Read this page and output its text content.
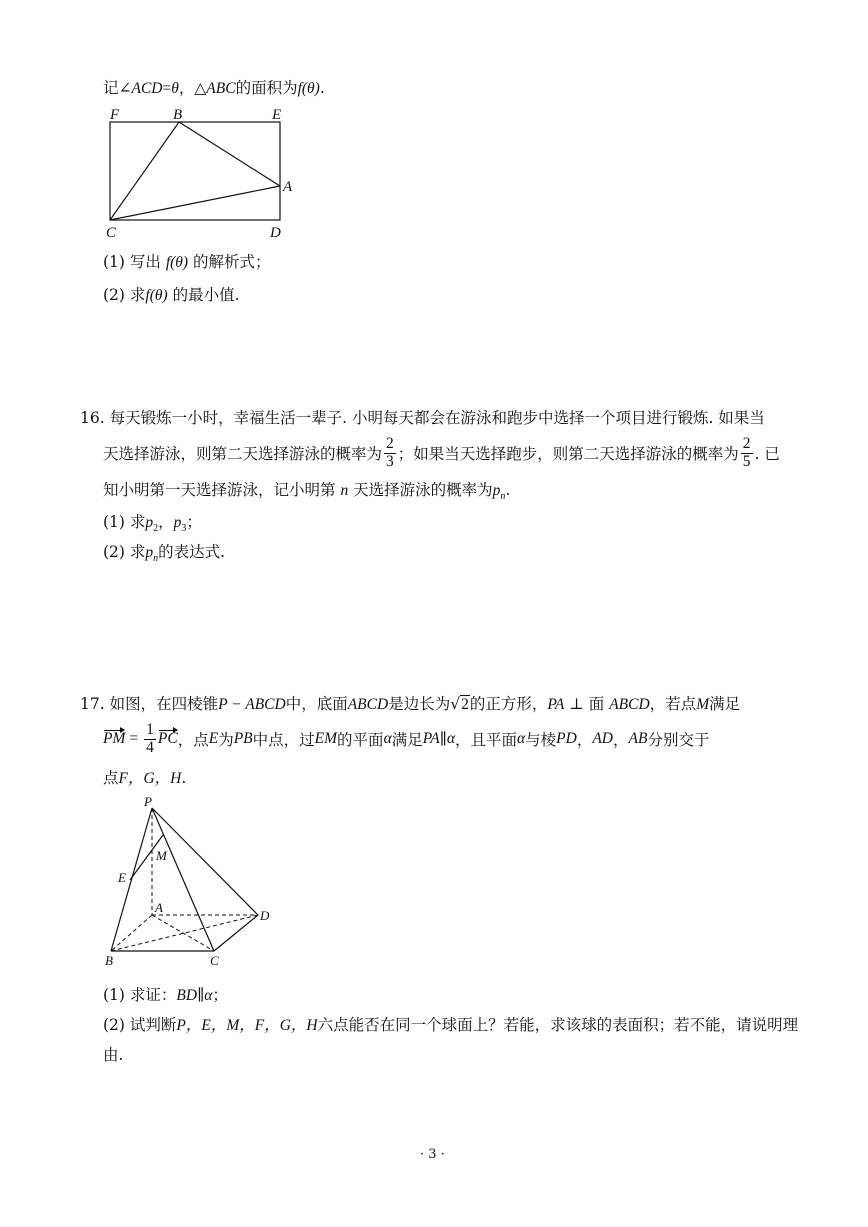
记∠ACD=θ，△ABC的面积为f(θ).
F	B	E
A
C	D
(1) 写出 f(θ) 的解析式；
(2) 求f(θ) 的最小值.
16. 每天锻炼一小时，幸福生活一辈子. 小明每天都会在游泳和跑步中选择一个项目进行锻炼. 如果当
天选择游泳，则第二天选择游泳的概率为 $\frac{2}{3}$ ；如果当天选择跑步，则第二天选择游泳的概率为 $\frac{2}{5}$ . 已
知小明第一天选择游泳，记小明第 n 天选择游泳的概率为$p_n$.
(1) 求$p_2$，$p_3$；
(2) 求$p_n$的表达式.
17. 如图，在四棱锥P − ABCD中，底面ABCD是边长为√2的正方形，PA ⊥ 面 ABCD，若点M满足
PM = $\frac{1}{4}$ PC ，点 E 为 PB 中点，过 EM 的平面 α 满足 PA ∥ α ，且平面 α 与棱 PD ， AD ， AB 分别交于
点F，G，H.
P
M
E
A
D
B	C
(1) 求证：BD∥α；
(2) 试判断P，E，M，F，G，H六点能否在同一个球面上？若能，求该球的表面积；若不能，请说明理
由.
· 3 ·
